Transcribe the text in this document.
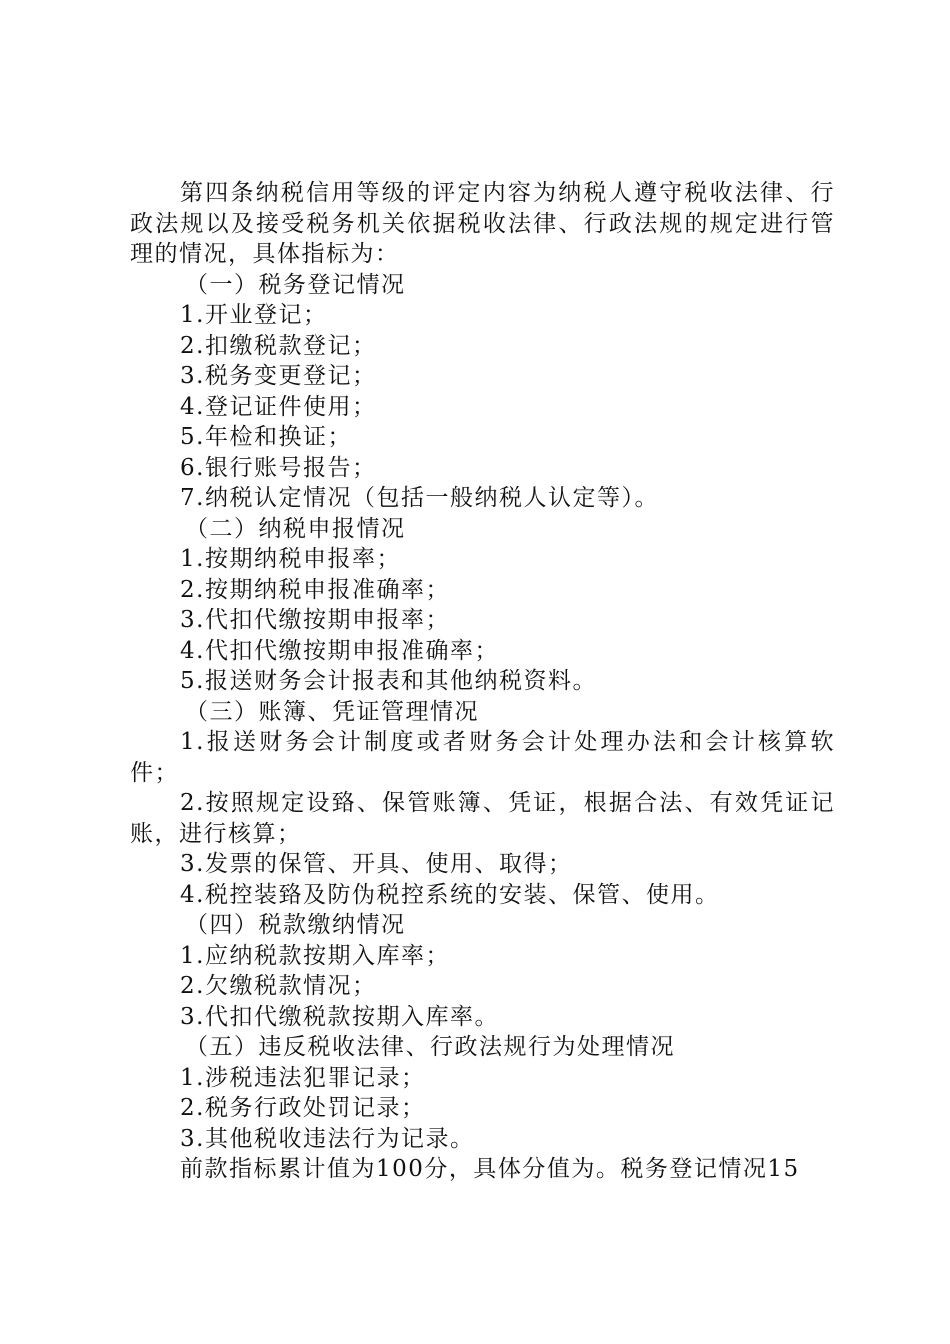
第四条纳税信用等级的评定内容为纳税人遵守税收法律、行政法规以及接受税务机关依据税收法律、行政法规的规定进行管理的情况，具体指标为：
（一）税务登记情况
1.开业登记；
2.扣缴税款登记；
3.税务变更登记；
4.登记证件使用；
5.年检和换证；
6.银行账号报告；
7.纳税认定情况（包括一般纳税人认定等）。
（二）纳税申报情况
1.按期纳税申报率；
2.按期纳税申报准确率；
3.代扣代缴按期申报率；
4.代扣代缴按期申报准确率；
5.报送财务会计报表和其他纳税资料。
（三）账簿、凭证管理情况
1.报送财务会计制度或者财务会计处理办法和会计核算软件；
2.按照规定设臵、保管账簿、凭证，根据合法、有效凭证记账，进行核算；
3.发票的保管、开具、使用、取得；
4.税控装臵及防伪税控系统的安装、保管、使用。
（四）税款缴纳情况
1.应纳税款按期入库率；
2.欠缴税款情况；
3.代扣代缴税款按期入库率。
（五）违反税收法律、行政法规行为处理情况
1.涉税违法犯罪记录；
2.税务行政处罚记录；
3.其他税收违法行为记录。
前款指标累计值为100分，具体分值为。税务登记情况15
